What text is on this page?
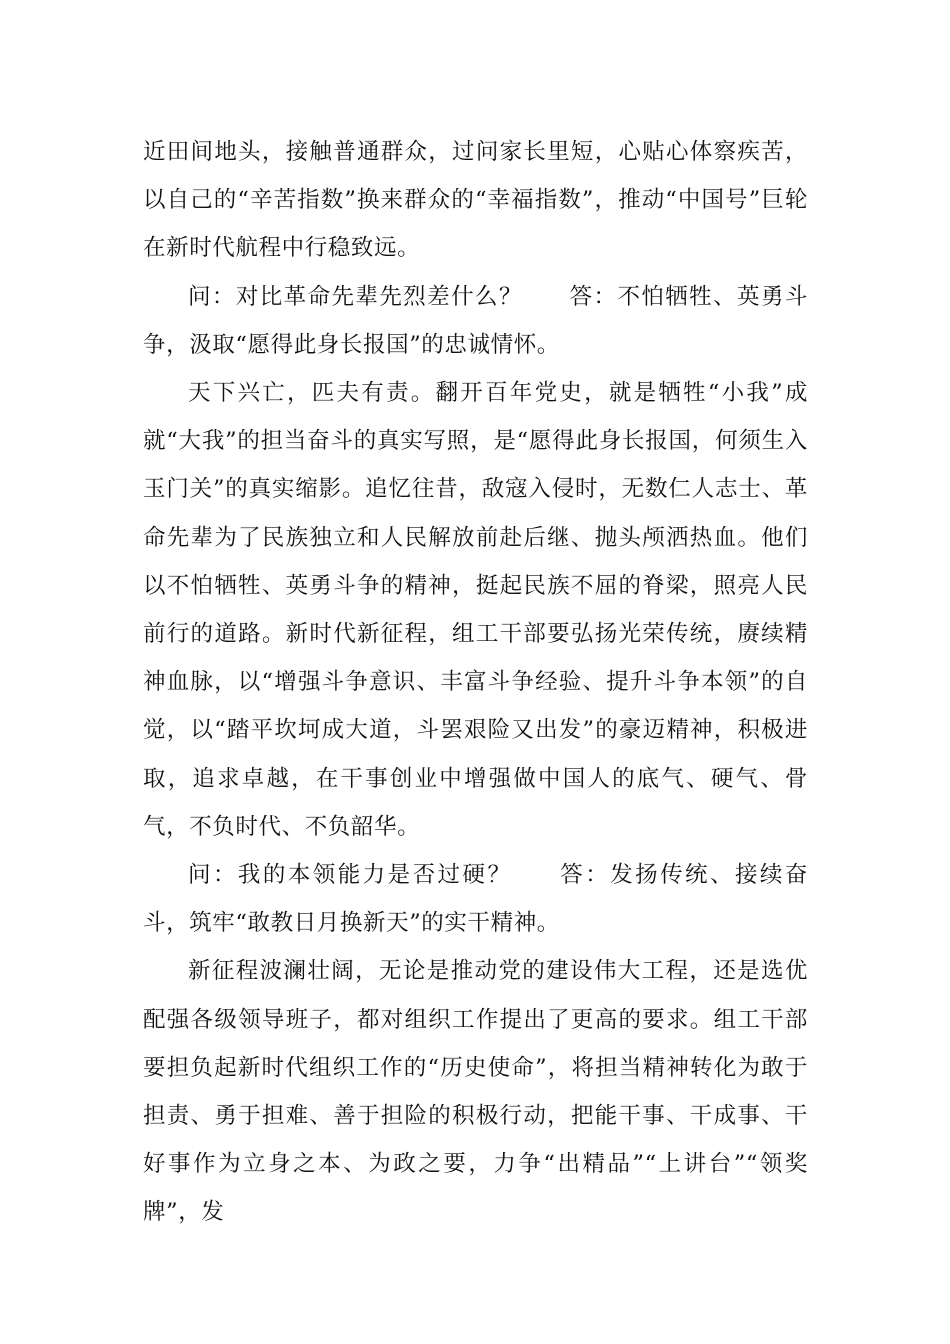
近田间地头，接触普通群众，过问家长里短，心贴心体察疾苦，以自己的“辛苦指数”换来群众的“幸福指数”，推动“中国号”巨轮在新时代航程中行稳致远。

问：对比革命先辈先烈差什么？ 答：不怕牺牲、英勇斗争，汲取“愿得此身长报国”的忠诚情怀。

天下兴亡，匹夫有责。翻开百年党史，就是牺牲“小我”成就“大我”的担当奋斗的真实写照，是“愿得此身长报国，何须生入玉门关”的真实缩影。追忆往昔，敌寇入侵时，无数仁人志士、革命先辈为了民族独立和人民解放前赴后继、抛头颅洒热血。他们以不怕牺牲、英勇斗争的精神，挺起民族不屈的脊梁，照亮人民前行的道路。新时代新征程，组工干部要弘扬光荣传统，赓续精神血脉，以“增强斗争意识、丰富斗争经验、提升斗争本领”的自觉，以“踏平坎坷成大道，斗罢艰险又出发”的豪迈精神，积极进取，追求卓越，在干事创业中增强做中国人的底气、硬气、骨气，不负时代、不负韶华。

问：我的本领能力是否过硬？ 答：发扬传统、接续奋斗，筑牢“敢教日月换新天”的实干精神。

新征程波澜壮阔，无论是推动党的建设伟大工程，还是选优配强各级领导班子，都对组织工作提出了更高的要求。组工干部要担负起新时代组织工作的“历史使命”，将担当精神转化为敢于担责、勇于担难、善于担险的积极行动，把能干事、干成事、干好事作为立身之本、为政之要，力争“出精品”“上讲台”“领奖牌”，发
